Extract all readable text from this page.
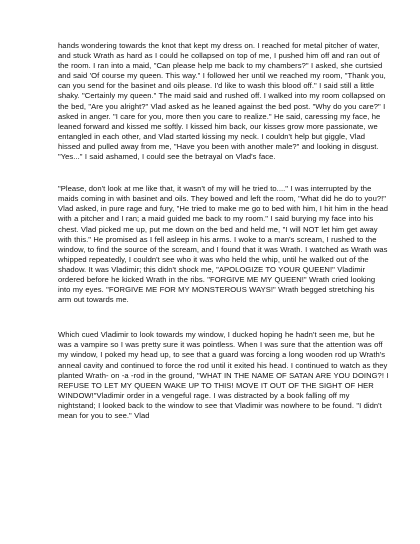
hands wondering towards the knot that kept my dress on. I reached for metal pitcher of water, and stuck Wrath as hard as I could he collapsed on top of me, I pushed him off and ran out of the room. I ran into a maid, "Can please help me back to my chambers?" I asked, she curtsied and said 'Of course my queen. This way." I followed her until we reached my room, "Thank you, can you send for the basinet and oils please. I'd like to wash this blood off." I said still a little shaky. "Certainly my queen." The maid said and rushed off. I walked into my room collapsed on the bed, "Are you alright?" Vlad asked as he leaned against the bed post. "Why do you care?" I asked in anger. "I care for you, more then you care to realize." He said, caressing my face, he leaned forward and kissed me softly. I kissed him back, our kisses grow more passionate, we entangled in each other, and Vlad started kissing my neck. I couldn't help but giggle, Vlad hissed and pulled away from me, "Have you been with another male?" and looking in disgust. "Yes..." I said ashamed, I could see the betrayal on Vlad's face.

"Please, don't look at me like that, it wasn't of my will he tried to...." I was interrupted by the maids coming in with basinet and oils. They bowed and left the room, "What did he do to you?!" Vlad asked, in pure rage and fury, "He tried to make me go to bed with him, I hit him in the head with a pitcher and I ran; a maid guided me back to my room." I said burying my face into his chest. Vlad picked me up, put me down on the bed and held me, "I will NOT let him get away with this." He promised as I fell asleep in his arms. I woke to a man's scream, I rushed to the window, to find the source of the scream, and I found that it was Wrath. I watched as Wrath was whipped repeatedly, I couldn't see who it was who held the whip, until he walked out of the shadow. It was Vladimir; this didn't shock me, "APOLOGIZE TO YOUR QUEEN!" Vladimir ordered before he kicked Wrath in the ribs. "FORGIVE ME MY QUEEN!" Wrath cried looking into my eyes. "FORGIVE ME FOR MY MONSTEROUS WAYS!" Wrath begged stretching his arm out towards me.

Which cued Vladimir to look towards my window, I ducked hoping he hadn't seen me, but he was a vampire so I was pretty sure it was pointless. When I was sure that the attention was off my window, I poked my head up, to see that a guard was forcing a long wooden rod up Wrath's anneal cavity and continued to force the rod until it exited his head. I continued to watch as they planted Wrath- on -a -rod in the ground, "WHAT IN THE NAME OF SATAN ARE YOU DOING?! I REFUSE TO LET MY QUEEN WAKE UP TO THIS! MOVE IT OUT OF THE SIGHT OF HER WINDOW!"Vladimir order in a vengeful rage. I was distracted by a book falling off my nightstand; I looked back to the window to see that Vladimir was nowhere to be found. "I didn't mean for you to see." Vlad
